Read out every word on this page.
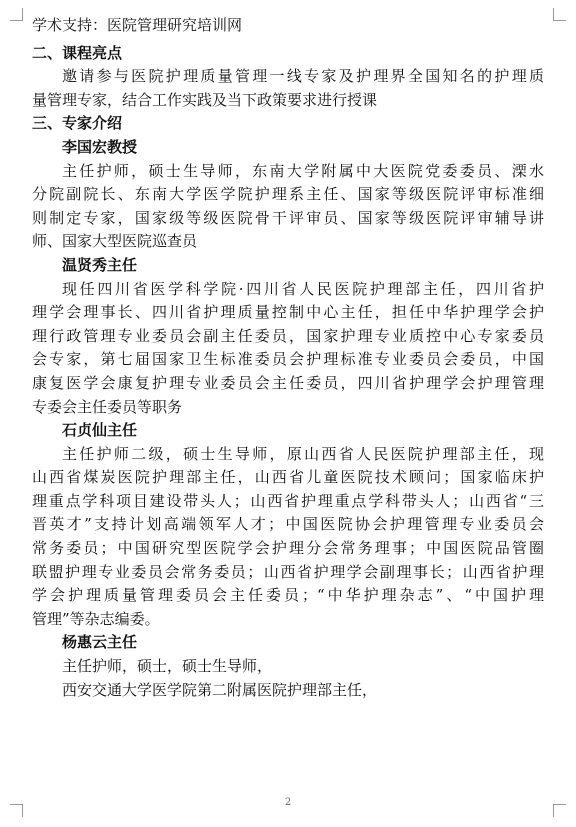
学术支持：医院管理研究培训网
二、课程亮点
邀请参与医院护理质量管理一线专家及护理界全国知名的护理质
量管理专家，结合工作实践及当下政策要求进行授课
三、专家介绍
李国宏教授
主任护师，硕士生导师，东南大学附属中大医院党委委员、溧水
分院副院长、东南大学医学院护理系主任、国家等级医院评审标准细
则制定专家，国家级等级医院骨干评审员、国家等级医院评审辅导讲
师、国家大型医院巡查员
温贤秀主任
现任四川省医学科学院·四川省人民医院护理部主任，四川省护
理学会理事长、四川省护理质量控制中心主任，担任中华护理学会护
理行政管理专业委员会副主任委员，国家护理专业质控中心专家委员
会专家，第七届国家卫生标准委员会护理标准专业委员会委员，中国
康复医学会康复护理专业委员会主任委员，四川省护理学会护理管理
专委会主任委员等职务
石贞仙主任
主任护师二级，硕士生导师，原山西省人民医院护理部主任，现
山西省煤炭医院护理部主任，山西省儿童医院技术顾问；国家临床护
理重点学科项目建设带头人；山西省护理重点学科带头人；山西省“三
晋英才”支持计划高端领军人才；中国医院协会护理管理专业委员会
常务委员；中国研究型医院学会护理分会常务理事；中国医院品管圈
联盟护理专业委员会常务委员；山西省护理学会副理事长；山西省护理
学会护理质量管理委员会主任委员；“中华护理杂志”、“中国护理
管理”等杂志编委。
杨惠云主任
主任护师，硕士，硕士生导师，
西安交通大学医学院第二附属医院护理部主任，
2
